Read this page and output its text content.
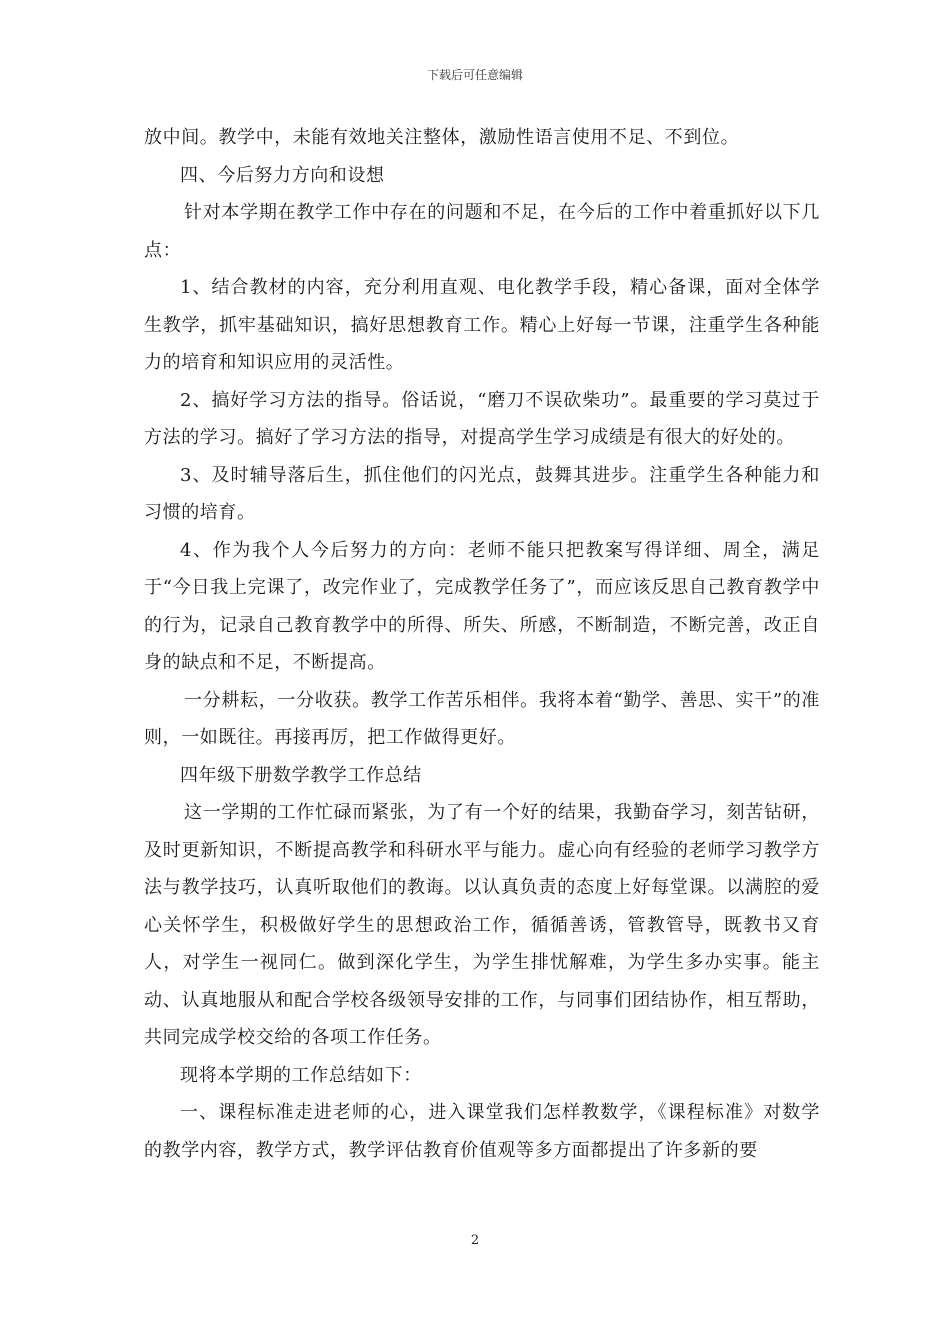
下载后可任意编辑

放中间。教学中，未能有效地关注整体，激励性语言使用不足、不到位。

四、今后努力方向和设想

针对本学期在教学工作中存在的问题和不足，在今后的工作中着重抓好以下几点：

1、结合教材的内容，充分利用直观、电化教学手段，精心备课，面对全体学生教学，抓牢基础知识，搞好思想教育工作。精心上好每一节课，注重学生各种能力的培育和知识应用的灵活性。

2、搞好学习方法的指导。俗话说，“磨刀不误砍柴功”。最重要的学习莫过于方法的学习。搞好了学习方法的指导，对提高学生学习成绩是有很大的好处的。

3、及时辅导落后生，抓住他们的闪光点，鼓舞其进步。注重学生各种能力和习惯的培育。

4、作为我个人今后努力的方向：老师不能只把教案写得详细、周全，满足于“今日我上完课了，改完作业了，完成教学任务了”，而应该反思自己教育教学中的行为，记录自己教育教学中的所得、所失、所感，不断制造，不断完善，改正自身的缺点和不足，不断提高。

一分耕耘，一分收获。教学工作苦乐相伴。我将本着“勤学、善思、实干”的准则，一如既往。再接再厉，把工作做得更好。

四年级下册数学教学工作总结

这一学期的工作忙碌而紧张，为了有一个好的结果，我勤奋学习，刻苦钻研，及时更新知识，不断提高教学和科研水平与能力。虚心向有经验的老师学习教学方法与教学技巧，认真听取他们的教诲。以认真负责的态度上好每堂课。以满腔的爱心关怀学生，积极做好学生的思想政治工作，循循善诱，管教管导，既教书又育人，对学生一视同仁。做到深化学生，为学生排忧解难，为学生多办实事。能主动、认真地服从和配合学校各级领导安排的工作，与同事们团结协作，相互帮助，共同完成学校交给的各项工作任务。

现将本学期的工作总结如下：

一、课程标准走进老师的心，进入课堂我们怎样教数学，《课程标准》对数学的教学内容，教学方式，教学评估教育价值观等多方面都提出了许多新的要

2
